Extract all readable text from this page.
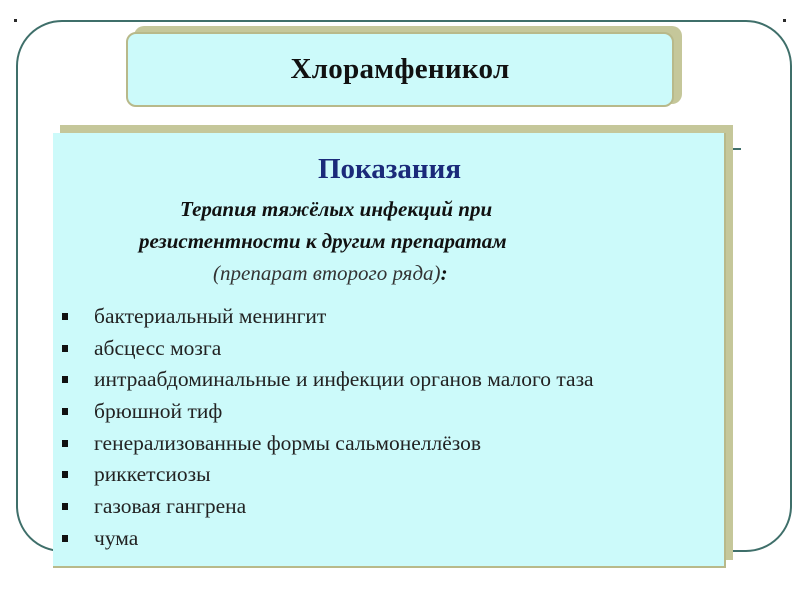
Хлорамфеникол
Показания
Терапия тяжёлых инфекций при
резистентности к другим препаратам
(препарат второго ряда):
бактериальный менингит
абсцесс мозга
интраабдоминальные и инфекции органов малого таза
брюшной тиф
генерализованные формы сальмонеллёзов
риккетсиозы
газовая гангрена
чума
